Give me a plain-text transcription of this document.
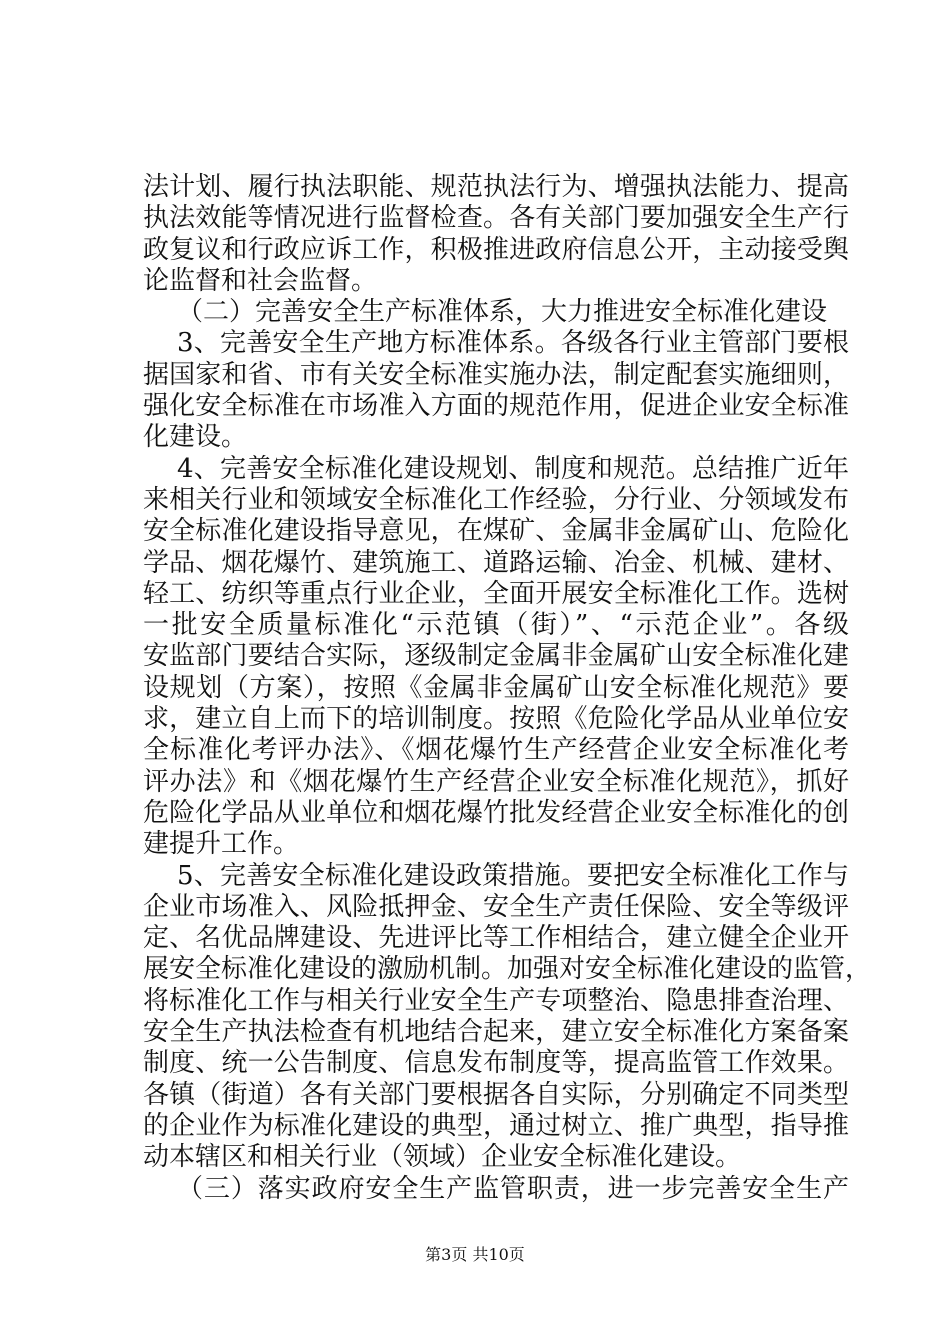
法计划、履行执法职能、规范执法行为、增强执法能力、提高
执法效能等情况进行监督检查。各有关部门要加强安全生产行
政复议和行政应诉工作，积极推进政府信息公开，主动接受舆
论监督和社会监督。
（二）完善安全生产标准体系，大力推进安全标准化建设
3、完善安全生产地方标准体系。各级各行业主管部门要根
据国家和省、市有关安全标准实施办法，制定配套实施细则，
强化安全标准在市场准入方面的规范作用，促进企业安全标准
化建设。
4、完善安全标准化建设规划、制度和规范。总结推广近年
来相关行业和领域安全标准化工作经验，分行业、分领域发布
安全标准化建设指导意见，在煤矿、金属非金属矿山、危险化
学品、烟花爆竹、建筑施工、道路运输、冶金、机械、建材、
轻工、纺织等重点行业企业，全面开展安全标准化工作。选树
一批安全质量标准化“示范镇（街）”、“示范企业”。各级
安监部门要结合实际，逐级制定金属非金属矿山安全标准化建
设规划（方案），按照《金属非金属矿山安全标准化规范》要
求，建立自上而下的培训制度。按照《危险化学品从业单位安
全标准化考评办法》、《烟花爆竹生产经营企业安全标准化考
评办法》和《烟花爆竹生产经营企业安全标准化规范》，抓好
危险化学品从业单位和烟花爆竹批发经营企业安全标准化的创
建提升工作。
5、完善安全标准化建设政策措施。要把安全标准化工作与
企业市场准入、风险抵押金、安全生产责任保险、安全等级评
定、名优品牌建设、先进评比等工作相结合，建立健全企业开
展安全标准化建设的激励机制。加强对安全标准化建设的监管，
将标准化工作与相关行业安全生产专项整治、隐患排查治理、
安全生产执法检查有机地结合起来，建立安全标准化方案备案
制度、统一公告制度、信息发布制度等，提高监管工作效果。
各镇（街道）各有关部门要根据各自实际，分别确定不同类型
的企业作为标准化建设的典型，通过树立、推广典型，指导推
动本辖区和相关行业（领域）企业安全标准化建设。
（三）落实政府安全生产监管职责，进一步完善安全生产
第3页 共10页
